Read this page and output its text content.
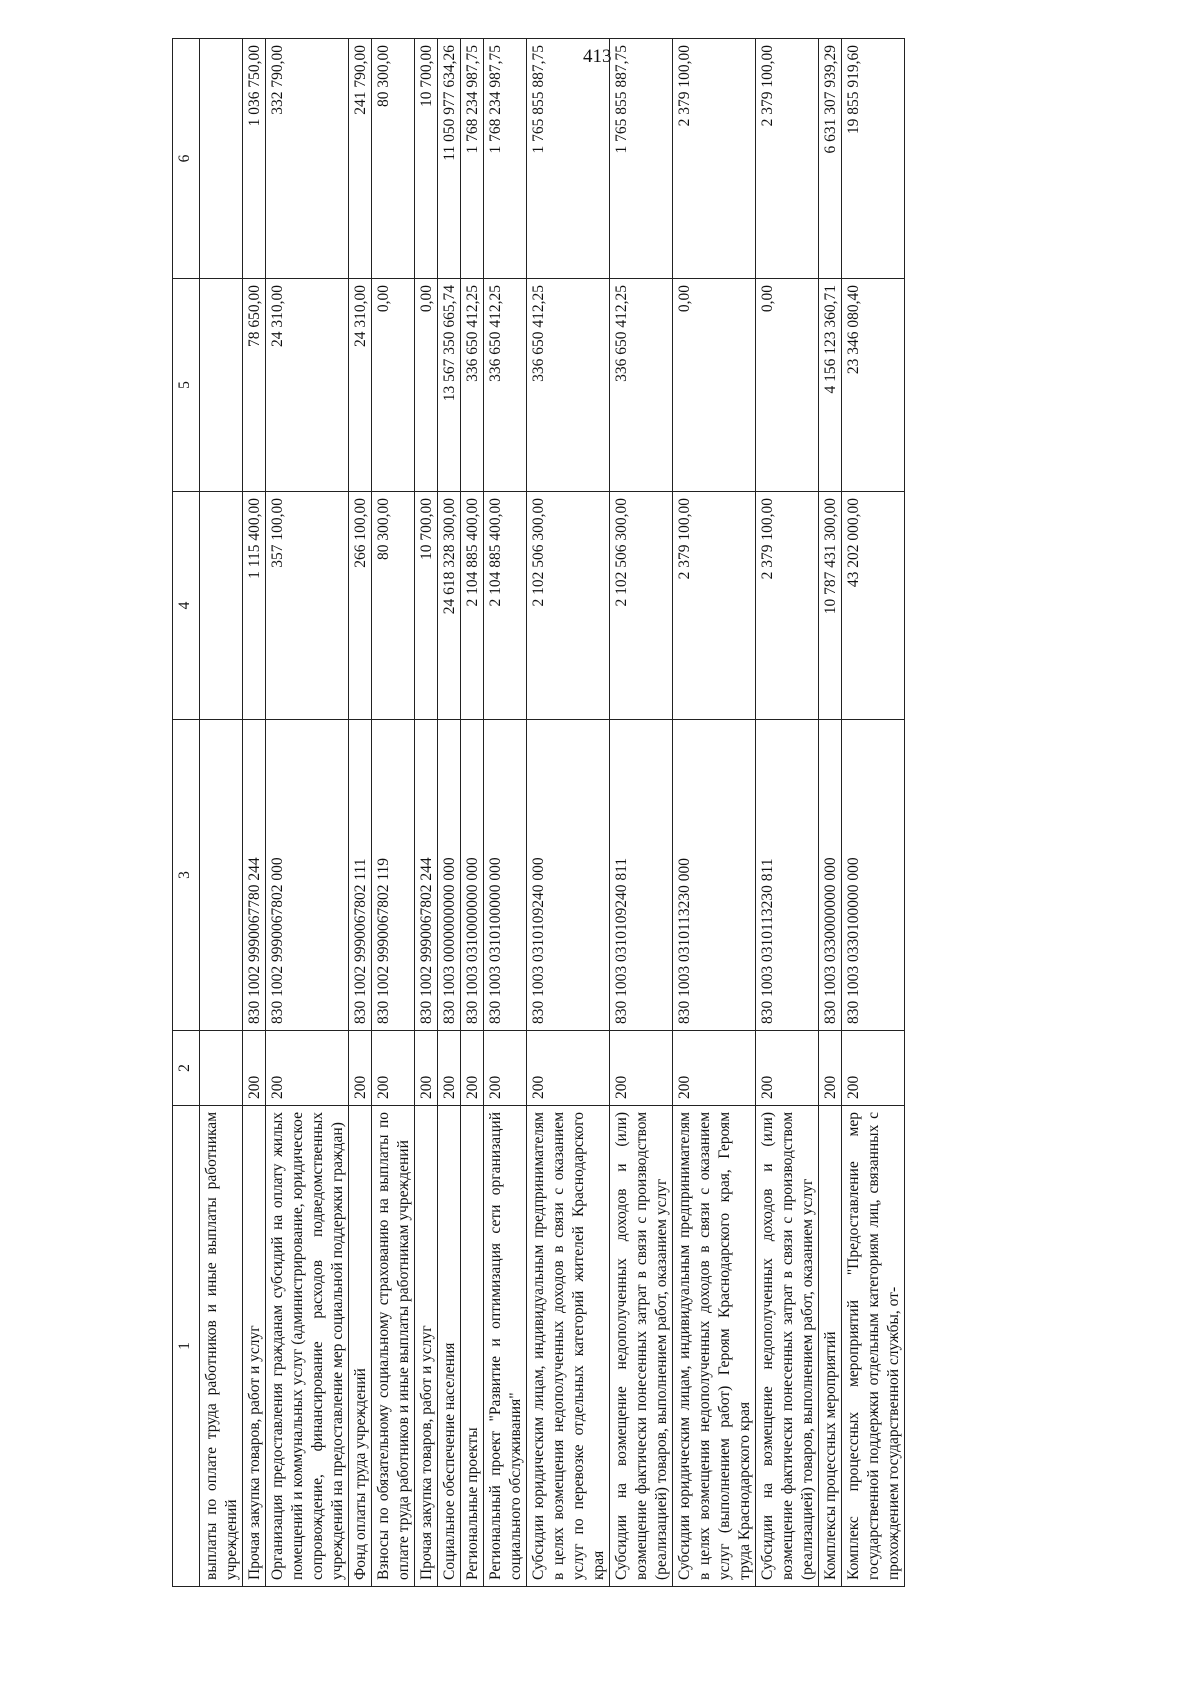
413
1	2	3	4	5	6
выплаты по оплате труда работников и иные выплаты работникам учреждений					
Прочая закупка товаров, работ и услуг	200	830 1002 9990067780 244	1 115 400,00	78 650,00	1 036 750,00
Организация предоставления гражданам субсидий на оплату жилых помещений и коммунальных услуг (администрирование, юридическое сопровождение, финансирование расходов подведомственных учреждений на предоставление мер социальной поддержки граждан)	200	830 1002 9990067802 000	357 100,00	24 310,00	332 790,00
Фонд оплаты труда учреждений	200	830 1002 9990067802 111	266 100,00	24 310,00	241 790,00
Взносы по обязательному социальному страхованию на выплаты по оплате труда работников и иные выплаты работникам учреждений	200	830 1002 9990067802 119	80 300,00	0,00	80 300,00
Прочая закупка товаров, работ и услуг	200	830 1002 9990067802 244	10 700,00	0,00	10 700,00
Социальное обеспечение населения	200	830 1003 0000000000 000	24 618 328 300,00	13 567 350 665,74	11 050 977 634,26
Региональные проекты	200	830 1003 0310000000 000	2 104 885 400,00	336 650 412,25	1 768 234 987,75
Региональный проект "Развитие и оптимизация сети организаций социального обслуживания"	200	830 1003 0310100000 000	2 104 885 400,00	336 650 412,25	1 768 234 987,75
Субсидии юридическим лицам, индивидуальным предпринимателям в целях возмещения недополученных доходов в связи с оказанием услуг по перевозке отдельных категорий жителей Краснодарского края	200	830 1003 0310109240 000	2 102 506 300,00	336 650 412,25	1 765 855 887,75
Субсидии на возмещение недополученных доходов и (или) возмещение фактически понесенных затрат в связи с производством (реализацией) товаров, выполнением работ, оказанием услуг	200	830 1003 0310109240 811	2 102 506 300,00	336 650 412,25	1 765 855 887,75
Субсидии юридическим лицам, индивидуальным предпринимателям в целях возмещения недополученных доходов в связи с оказанием услуг (выполнением работ) Героям Краснодарского края, Героям труда Краснодарского края	200	830 1003 0310113230 000	2 379 100,00	0,00	2 379 100,00
Субсидии на возмещение недополученных доходов и (или) возмещение фактически понесенных затрат в связи с производством (реализацией) товаров, выполнением работ, оказанием услуг	200	830 1003 0310113230 811	2 379 100,00	0,00	2 379 100,00
Комплексы процессных мероприятий	200	830 1003 0330000000 000	10 787 431 300,00	4 156 123 360,71	6 631 307 939,29
Комплекс процессных мероприятий "Предоставление мер государственной поддержки отдельным категориям лиц, связанных с прохождением государственной службы, от-	200	830 1003 0330100000 000	43 202 000,00	23 346 080,40	19 855 919,60
